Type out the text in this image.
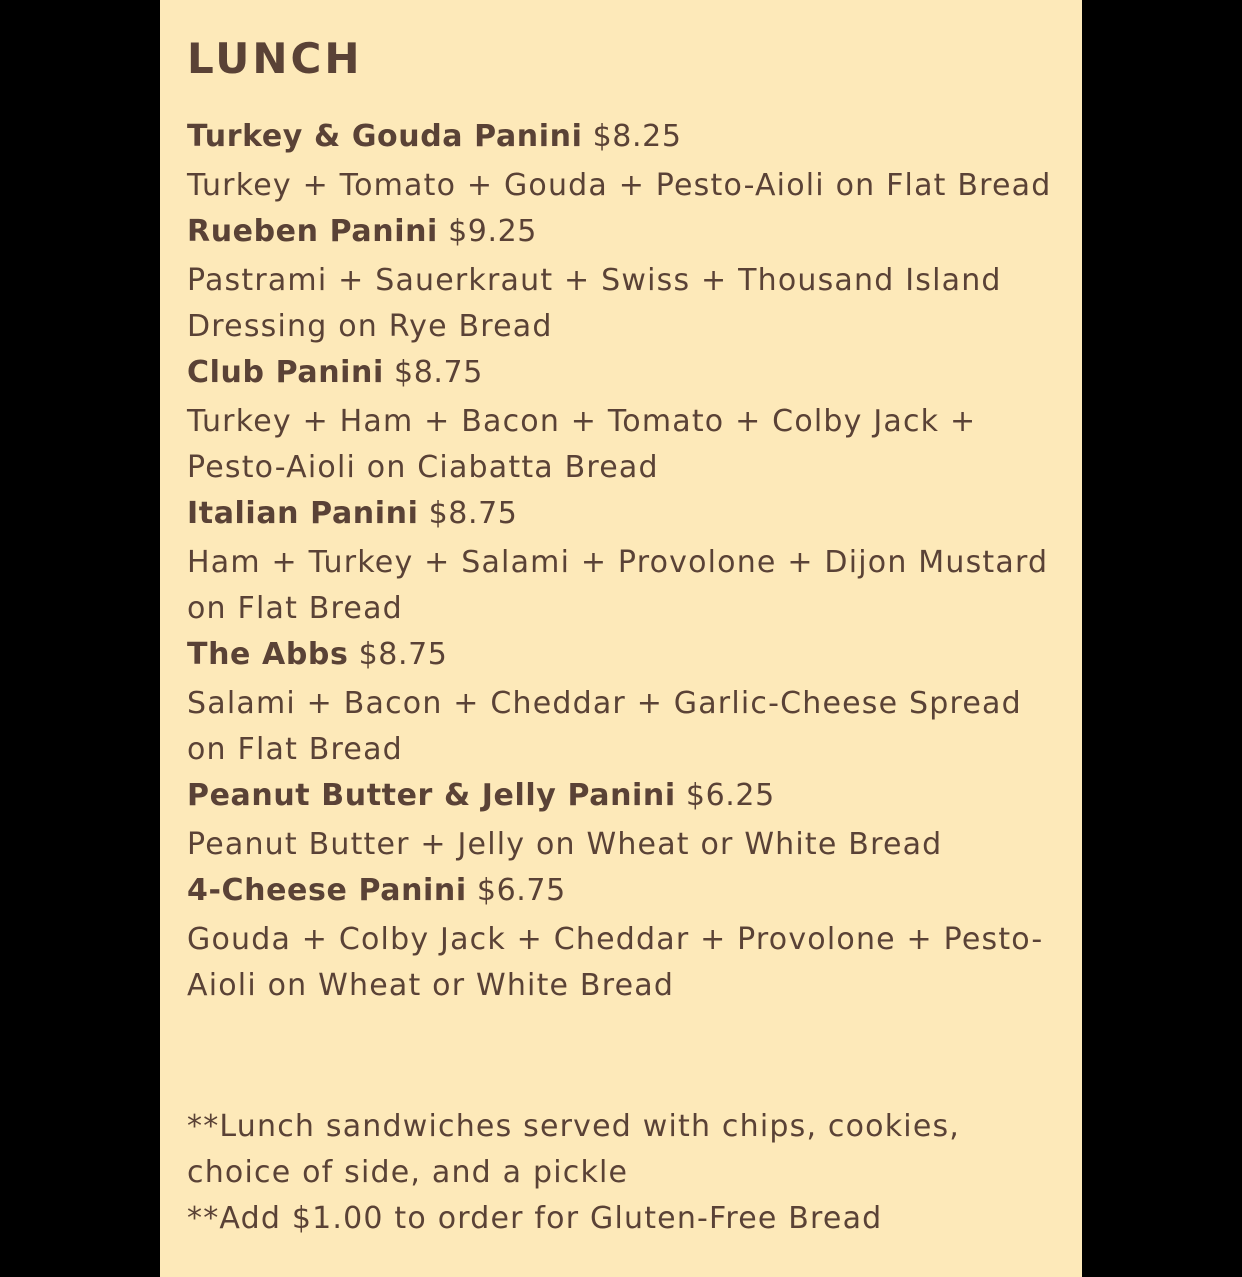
LUNCH
Turkey & Gouda Panini $8.25
Turkey + Tomato + Gouda + Pesto-Aioli on Flat Bread
Rueben Panini $9.25
Pastrami + Sauerkraut + Swiss + Thousand Island Dressing on Rye Bread
Club Panini $8.75
Turkey + Ham + Bacon + Tomato + Colby Jack + Pesto-Aioli on Ciabatta Bread
Italian Panini $8.75
Ham + Turkey + Salami + Provolone + Dijon Mustard on Flat Bread
The Abbs $8.75
Salami + Bacon + Cheddar + Garlic-Cheese Spread on Flat Bread
Peanut Butter & Jelly Panini $6.25
Peanut Butter + Jelly on Wheat or White Bread
4-Cheese Panini $6.75
Gouda + Colby Jack + Cheddar + Provolone + Pesto-Aioli on Wheat or White Bread
**Lunch sandwiches served with chips, cookies, choice of side, and a pickle
**Add $1.00 to order for Gluten-Free Bread
